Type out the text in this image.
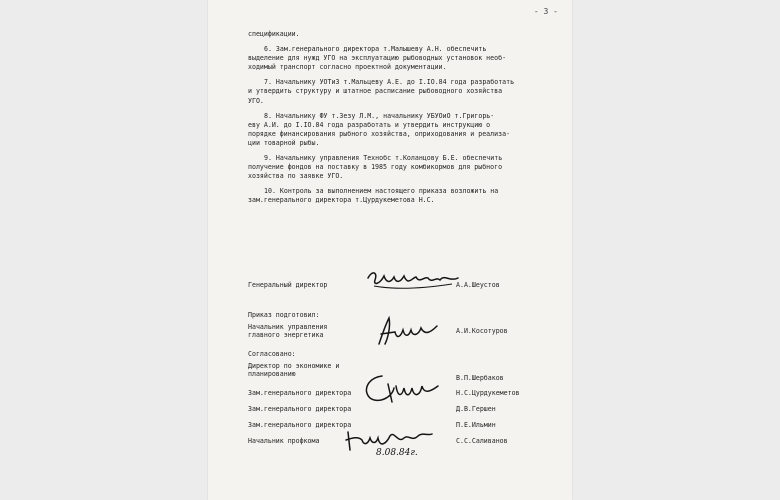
- 3 -
спецификации.
6. Зам.генерального директора т.Малышеву А.Н. обеспечить
выделение для нужд УГО на эксплуатацию рыбоводных установок необ-
ходимый транспорт согласно проектной документации.
7. Начальнику УОТиЗ т.Мальцеву А.Е. до I.IO.84 года разработать
и утвердить структуру и штатное расписание рыбоводного хозяйства
УГО.
8. Начальнику ФУ т.Зезу Л.М., начальнику УБУОиО т.Григорь-
еву А.И. до I.IO.84 года разработать и утвердить инструкцию о
порядке финансирования рыбного хозяйства, оприходования и реализа-
ции товарной рыбы.
9. Начальнику управления Технобс т.Коланцову Б.Е. обеспечить
получение фондов на поставку в 1985 году комбикормов для рыбного
хозяйства по заявке УГО.
10. Контроль за выполнением настоящего приказа возложить на
зам.генерального директора т.Цурдукеметова Н.С.
Генеральный директор	А.А.Шеустов
Приказ подготовил:
Начальник управления
главного энергетика	А.И.Косотуров
Согласовано:
Директор по экономике и
планированию	В.П.Шербаков
Зам.генерального директора	Н.С.Цурдукеметов
Зам.генерального директора	Д.В.Гершен
Зам.генерального директора	П.Е.Ильмин
Начальник профкома	С.С.Саливанов
8.08.84г.
